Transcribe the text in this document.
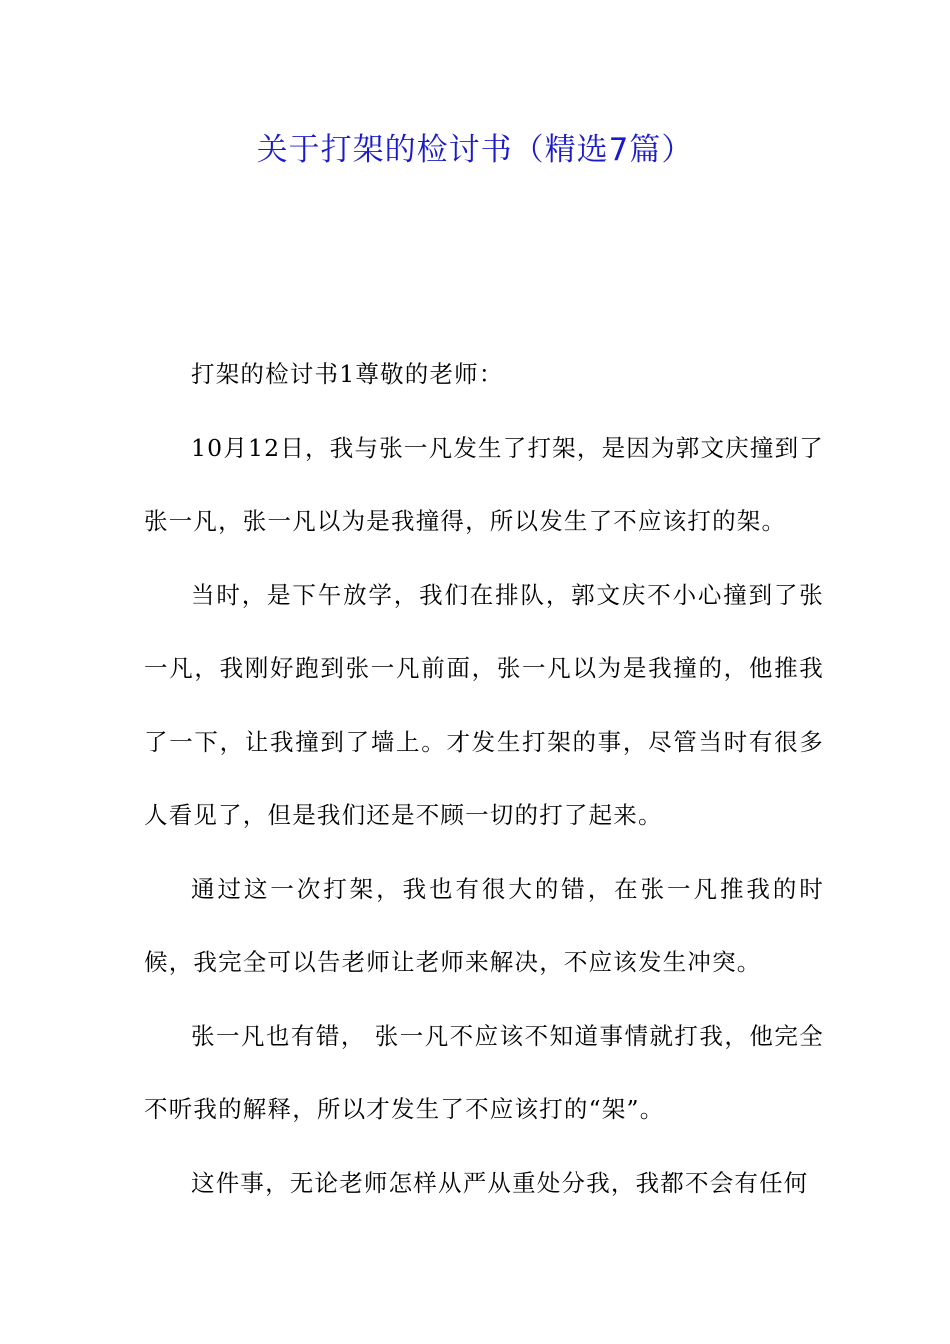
关于打架的检讨书（精选7篇）

打架的检讨书1尊敬的老师：

10月12日，我与张一凡发生了打架，是因为郭文庆撞到了张一凡，张一凡以为是我撞得，所以发生了不应该打的架。

当时，是下午放学，我们在排队，郭文庆不小心撞到了张一凡，我刚好跑到张一凡前面，张一凡以为是我撞的，他推我了一下，让我撞到了墙上。才发生打架的事，尽管当时有很多人看见了，但是我们还是不顾一切的打了起来。

通过这一次打架，我也有很大的错，在张一凡推我的时候，我完全可以告老师让老师来解决，不应该发生冲突。

张一凡也有错， 张一凡不应该不知道事情就打我，他完全不听我的解释，所以才发生了不应该打的“架”。

这件事，无论老师怎样从严从重处分我，我都不会有任何
